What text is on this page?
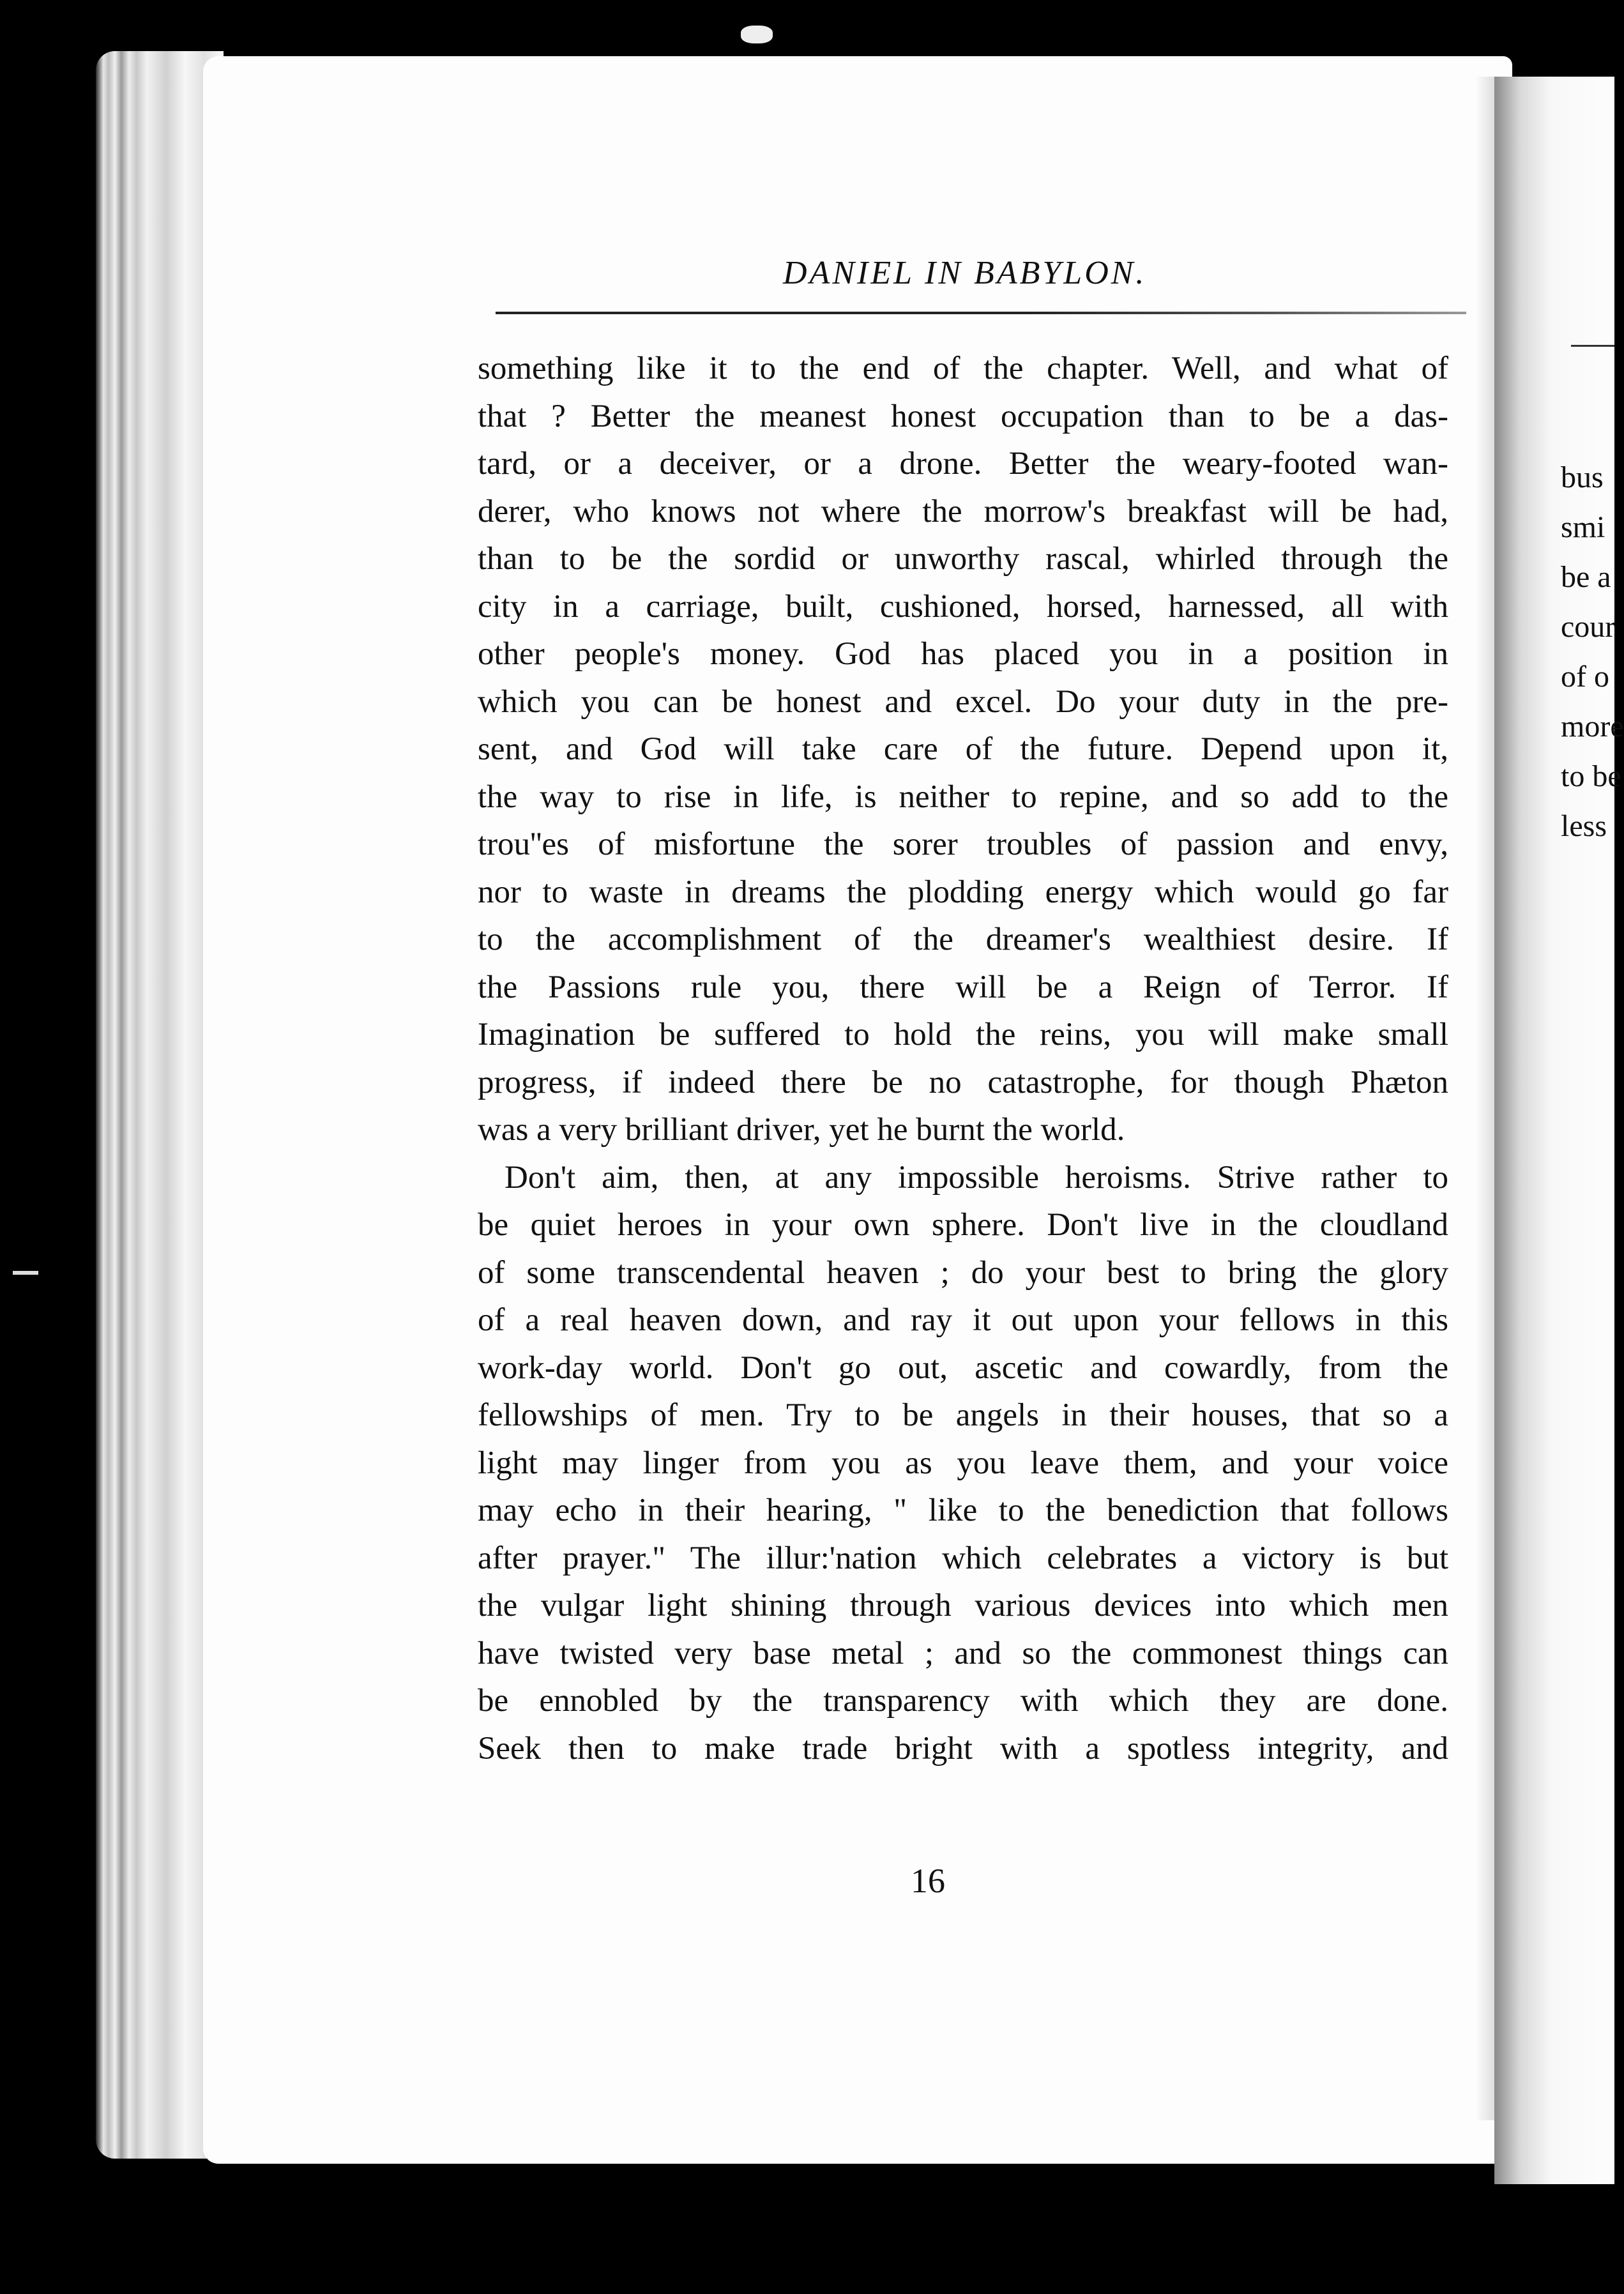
bus
smi
be a
cour
of o
more
to be
less
DANIEL IN BABYLON.
something like it to the end of the chapter. Well, and what of
that ? Better the meanest honest occupation than to be a das-
tard, or a deceiver, or a drone. Better the weary-footed wan-
derer, who knows not where the morrow's breakfast will be had,
than to be the sordid or unworthy rascal, whirled through the
city in a carriage, built, cushioned, horsed, harnessed, all with
other people's money. God has placed you in a position in
which you can be honest and excel. Do your duty in the pre-
sent, and God will take care of the future. Depend upon it,
the way to rise in life, is neither to repine, and so add to the
trou''es of misfortune the sorer troubles of passion and envy,
nor to waste in dreams the plodding energy which would go far
to the accomplishment of the dreamer's wealthiest desire. If
the Passions rule you, there will be a Reign of Terror. If
Imagination be suffered to hold the reins, you will make small
progress, if indeed there be no catastrophe, for though Phæton
was a very brilliant driver, yet he burnt the world.
Don't aim, then, at any impossible heroisms. Strive rather to
be quiet heroes in your own sphere. Don't live in the cloudland
of some transcendental heaven ; do your best to bring the glory
of a real heaven down, and ray it out upon your fellows in this
work-day world. Don't go out, ascetic and cowardly, from the
fellowships of men. Try to be angels in their houses, that so a
light may linger from you as you leave them, and your voice
may echo in their hearing, " like to the benediction that follows
after prayer." The illur:'nation which celebrates a victory is but
the vulgar light shining through various devices into which men
have twisted very base metal ; and so the commonest things can
be ennobled by the transparency with which they are done.
Seek then to make trade bright with a spotless integrity, and
16
